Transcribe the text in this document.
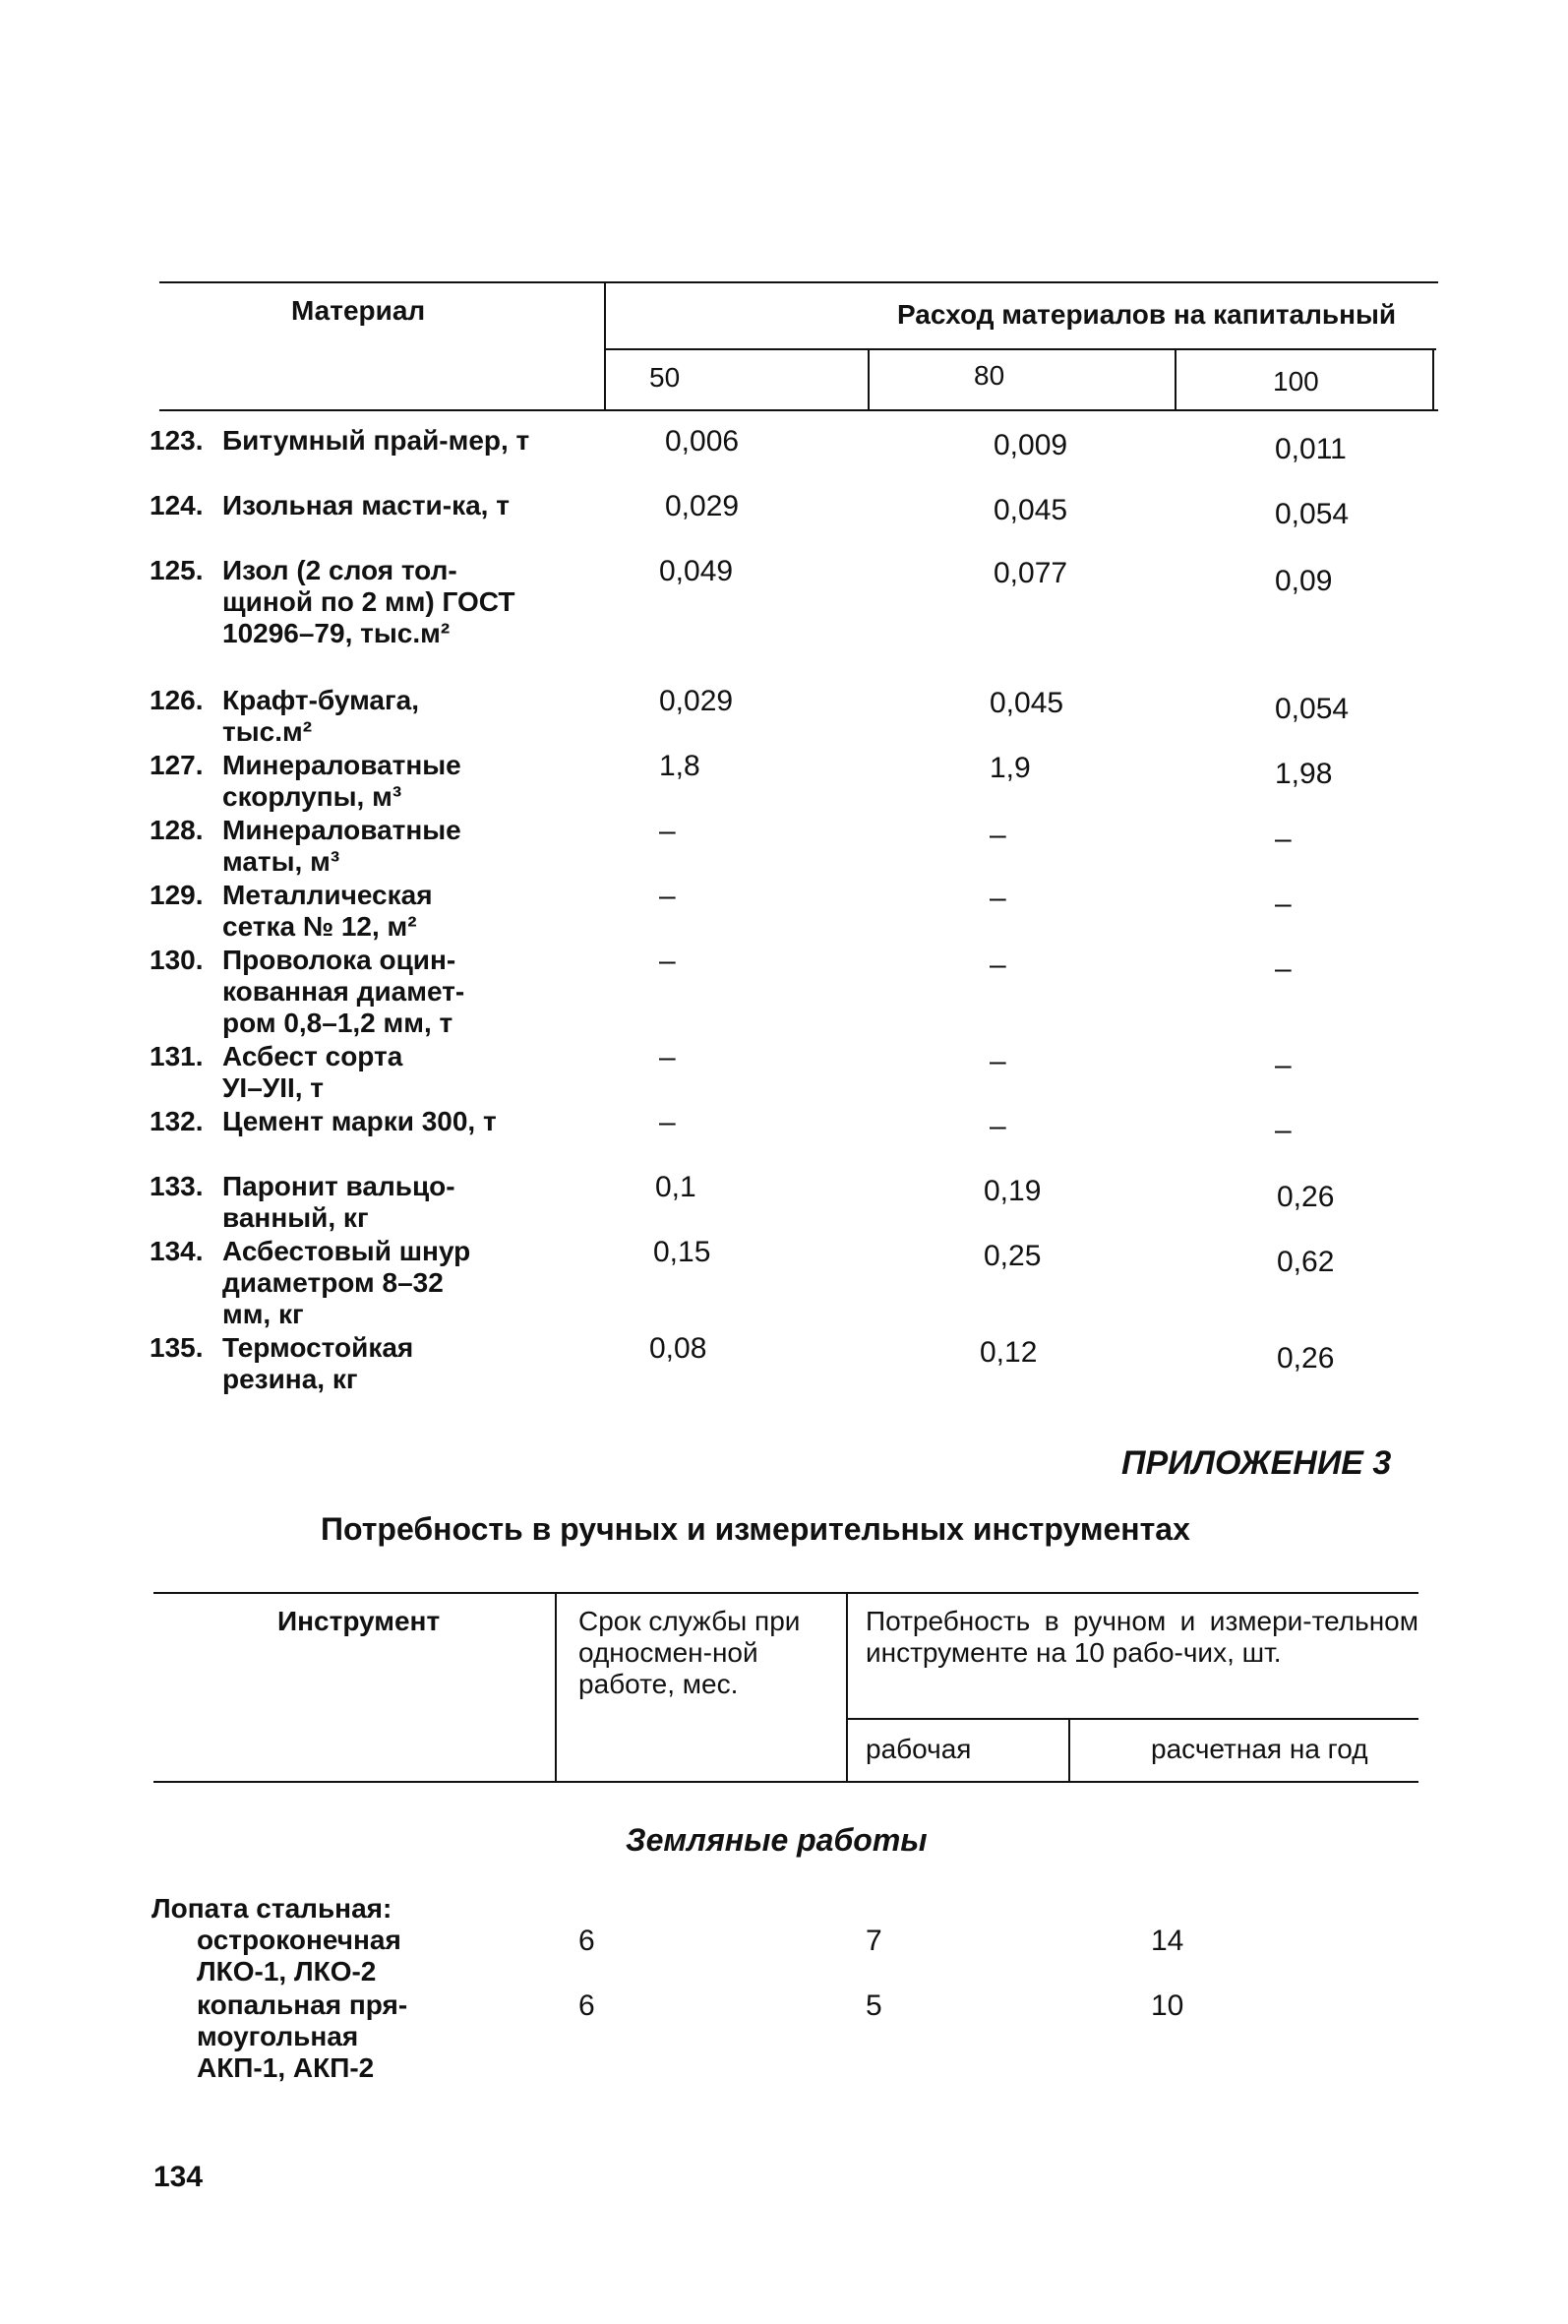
Материал	Расход материалов на капитальный
50	80	100
123. Битумный прай-мер, т	0,006	0,009	0,011
124. Изольная масти-ка, т	0,029	0,045	0,054
125. Изол (2 слоя тол-щиной по 2 мм) ГОСТ 10296–79, тыс.м²
0,049	0,077	0,09
126. Крафт-бумага, тыс.м²
0,029	0,045	0,054
127. Минераловатные скорлупы, м³
1,8	1,9	1,98
128. Минераловатные маты, м³
–	–	–
129. Металлическая сетка № 12, м²
–	–	–
130. Проволока оцин-кованная диамет-ром 0,8–1,2 мм, т
–	–	–
131. Асбест сорта УI–УII, т
–	–	–
132. Цемент марки 300, т	–	–	–
133. Паронит вальцо-ванный, кг
0,1	0,19	0,26
134. Асбестовый шнур диаметром 8–32 мм, кг
0,15	0,25	0,62
135. Термостойкая резина, кг
0,08	0,12	0,26
ПРИЛОЖЕНИЕ 3
Потребность в ручных и измерительных инструментах
Инструмент	Срок службы при односмен-ной работе, мес.
Потребность в ручном и измери-тельном инструменте на 10 рабо-чих, шт.
рабочая	расчетная на год
Земляные работы
Лопата стальная:
остроконечная ЛКО-1, ЛКО-2
6	7	14
копальная пря-моугольная АКП-1, АКП-2
6	5	10
134
